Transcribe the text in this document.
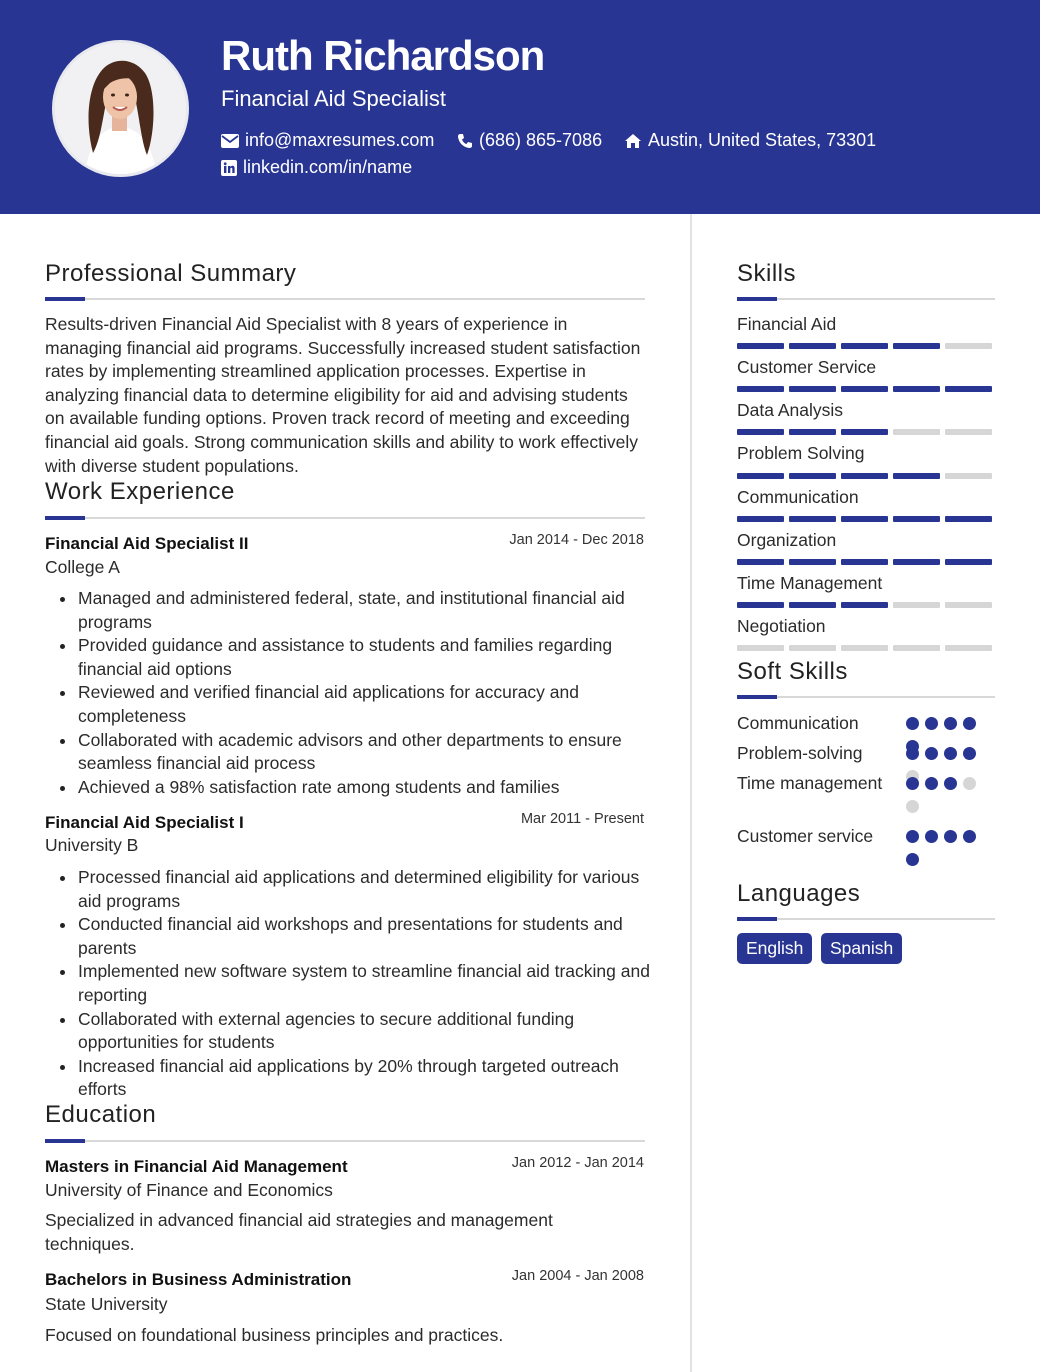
Ruth Richardson
Financial Aid Specialist
info@maxresumes.com (686) 865-7086	Austin, United States, 73301
linkedin.com/in/name
Professional Summary
Results-driven Financial Aid Specialist with 8 years of experience in managing financial aid programs. Successfully increased student satisfaction rates by implementing streamlined application processes. Expertise in analyzing financial data to determine eligibility for aid and advising students on available funding options. Proven track record of meeting and exceeding financial aid goals. Strong communication skills and ability to work effectively with diverse student populations.
Work Experience
Financial Aid Specialist II	Jan 2014 - Dec 2018
College A
Managed and administered federal, state, and institutional financial aid programs
Provided guidance and assistance to students and families regarding financial aid options
Reviewed and verified financial aid applications for accuracy and completeness
Collaborated with academic advisors and other departments to ensure seamless financial aid process
Achieved a 98% satisfaction rate among students and families
Financial Aid Specialist I	Mar 2011 - Present
University B
Processed financial aid applications and determined eligibility for various aid programs
Conducted financial aid workshops and presentations for students and parents
Implemented new software system to streamline financial aid tracking and reporting
Collaborated with external agencies to secure additional funding opportunities for students
Increased financial aid applications by 20% through targeted outreach efforts
Education
Masters in Financial Aid Management	Jan 2012 - Jan 2014
University of Finance and Economics
Specialized in advanced financial aid strategies and management techniques.
Bachelors in Business Administration	Jan 2004 - Jan 2008
State University
Focused on foundational business principles and practices.
Skills
Financial Aid
Customer Service
Data Analysis
Problem Solving
Communication
Organization
Time Management
Negotiation
Soft Skills
Communication
Problem-solving
Time management
Customer service
Languages
English	Spanish
